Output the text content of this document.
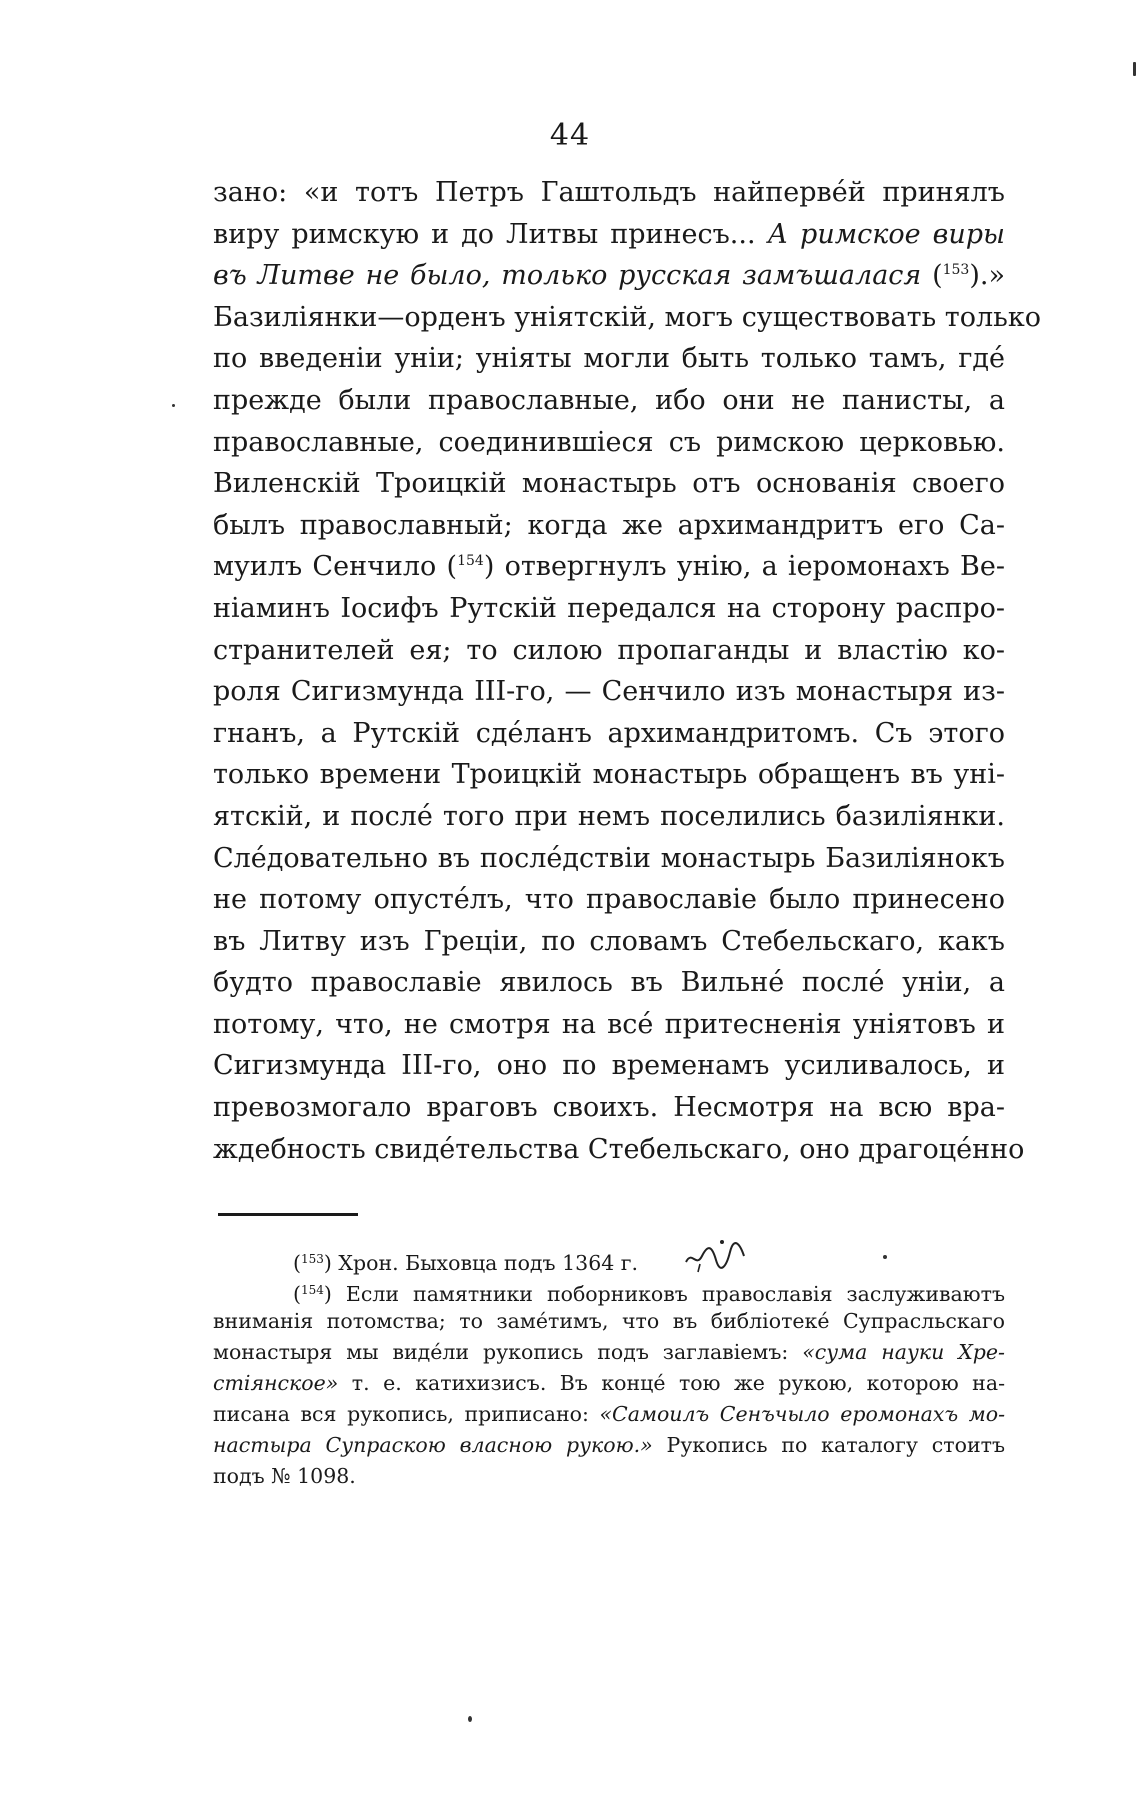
44
зано: «и тотъ Петръ Гаштольдъ найперве́й принялъ
виру римскую и до Литвы принесъ... А римское виры
въ Литве не было, только русская замъшалася ($^{153}$).»
Базиліянки—орденъ уніятскій, могъ существовать только
по введеніи уніи; уніяты могли быть только тамъ, где́
прежде были православные, ибо они не панисты, а
православные, соединившіеся съ римскою церковью.
Виленскій Троицкій монастырь отъ основанія своего
былъ православный; когда же архимандритъ его Са-
муилъ Сенчило ($^{154}$) отвергнулъ унію, а іеромонахъ Ве-
ніаминъ Іосифъ Рутскій передался на сторону распро-
странителей ея; то силою пропаганды и властію ко-
роля Сигизмунда III-го, — Сенчило изъ монастыря из-
гнанъ, а Рутскій сде́ланъ архимандритомъ. Съ этого
только времени Троицкій монастырь обращенъ въ уні-
ятскій, и после́ того при немъ поселились базиліянки.
Сле́довательно въ после́дствіи монастырь Базиліянокъ
не потому опусте́лъ, что православіе было принесено
въ Литву изъ Греціи, по словамъ Стебельскаго, какъ
будто православіе явилось въ Вильне́ после́ уніи, а
потому, что, не смотря на все́ притесненія уніятовъ и
Сигизмунда III-го, оно по временамъ усиливалось, и
превозмогало враговъ своихъ. Несмотря на всю вра-
ждебность свиде́тельства Стебельскаго, оно драгоце́нно
($^{153}$) Хрон. Быховца подъ 1364 г.
($^{154}$) Если памятники поборниковъ православія заслуживаютъ
вниманія потомства; то заме́тимъ, что въ библіотеке́ Супрасльскаго
монастыря мы виде́ли рукопись подъ заглавіемъ: «сума науки Хре-
стіянское» т. е. катихизисъ. Въ конце́ тою же рукою, которою на-
писана вся рукопись, приписано: «Самоилъ Сенъчыло еромонахъ мо-
настыра Супраскою власною рукою.» Рукопись по каталогу стоитъ
подъ № 1098.
